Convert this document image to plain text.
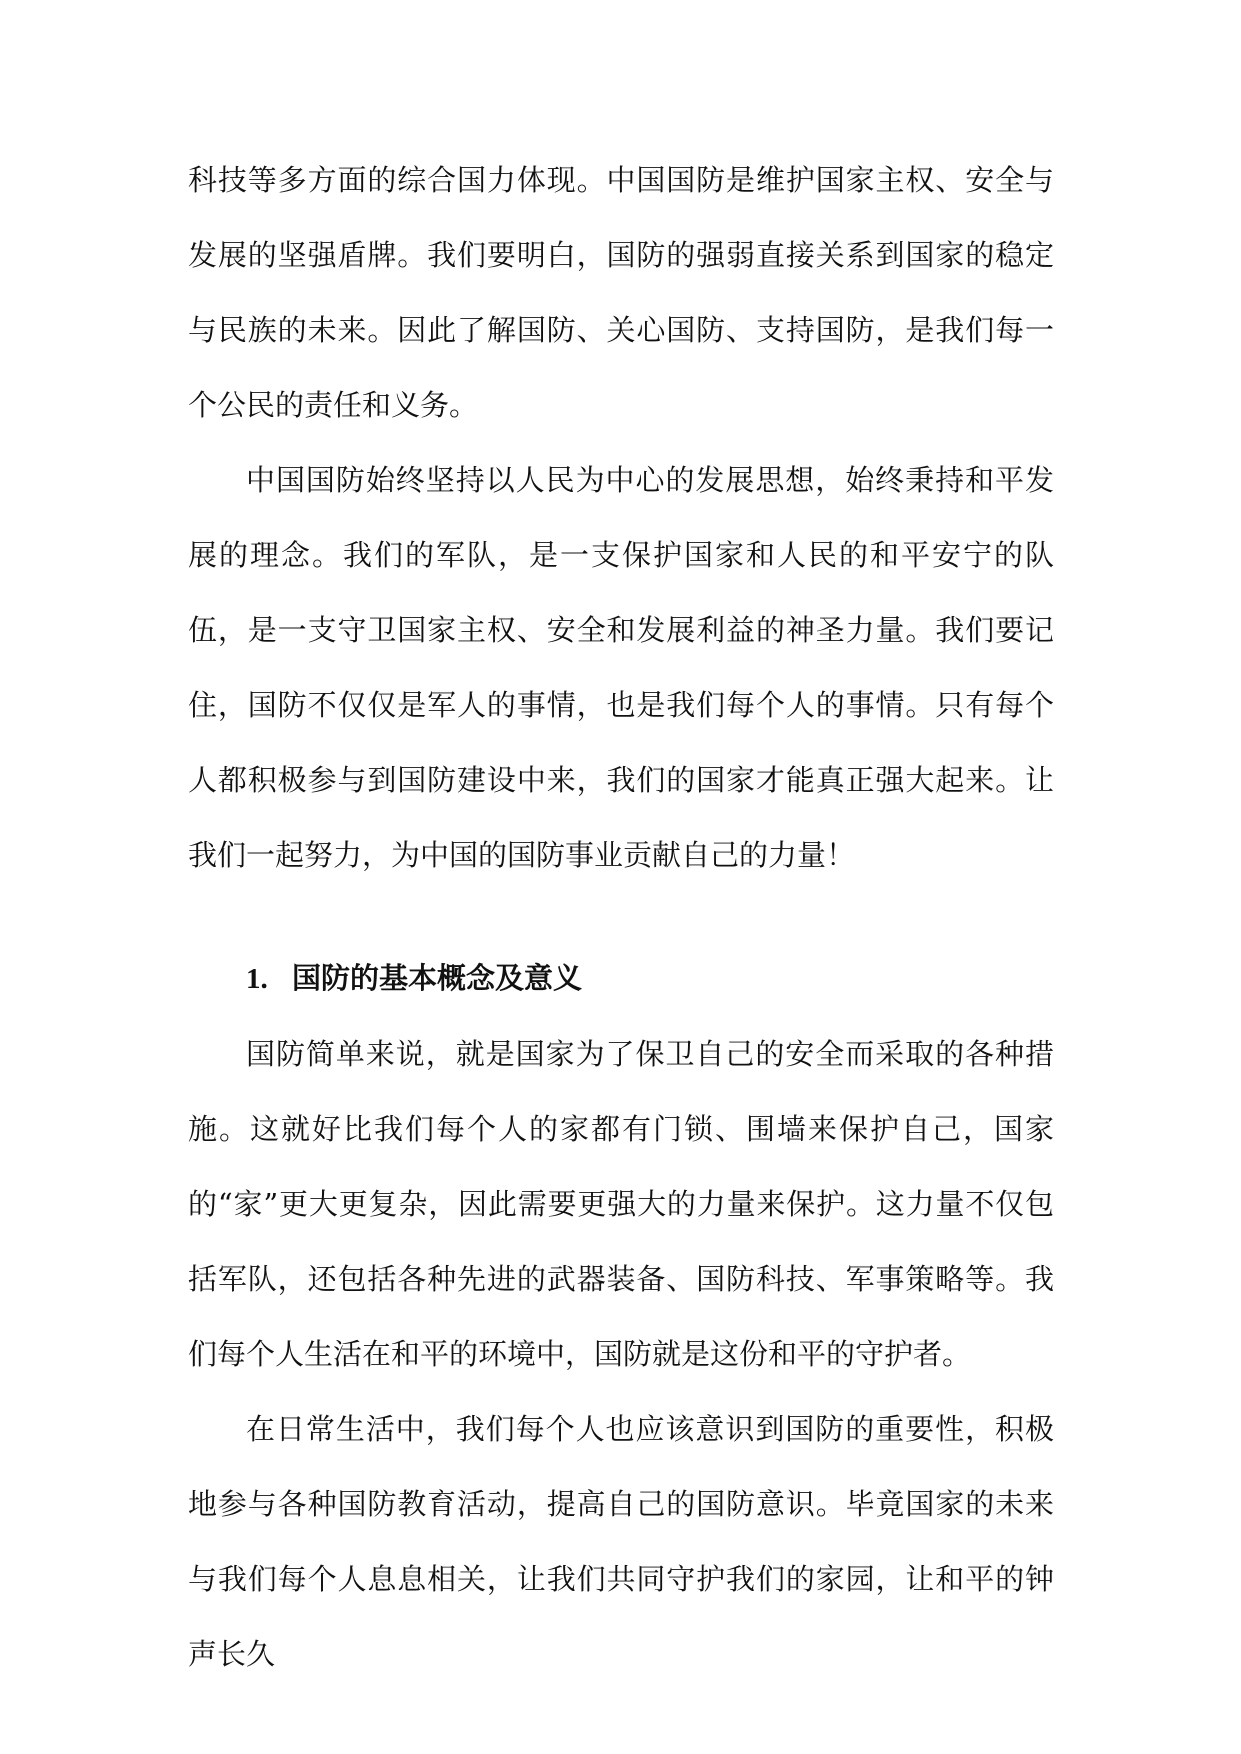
科技等多方面的综合国力体现。中国国防是维护国家主权、安全与发展的坚强盾牌。我们要明白，国防的强弱直接关系到国家的稳定与民族的未来。因此了解国防、关心国防、支持国防，是我们每一个公民的责任和义务。

中国国防始终坚持以人民为中心的发展思想，始终秉持和平发展的理念。我们的军队，是一支保护国家和人民的和平安宁的队伍，是一支守卫国家主权、安全和发展利益的神圣力量。我们要记住，国防不仅仅是军人的事情，也是我们每个人的事情。只有每个人都积极参与到国防建设中来，我们的国家才能真正强大起来。让我们一起努力，为中国的国防事业贡献自己的力量！

1. 国防的基本概念及意义

国防简单来说，就是国家为了保卫自己的安全而采取的各种措施。这就好比我们每个人的家都有门锁、围墙来保护自己，国家的“家”更大更复杂，因此需要更强大的力量来保护。这力量不仅包括军队，还包括各种先进的武器装备、国防科技、军事策略等。我们每个人生活在和平的环境中，国防就是这份和平的守护者。

在日常生活中，我们每个人也应该意识到国防的重要性，积极地参与各种国防教育活动，提高自己的国防意识。毕竟国家的未来与我们每个人息息相关，让我们共同守护我们的家园，让和平的钟声长久
